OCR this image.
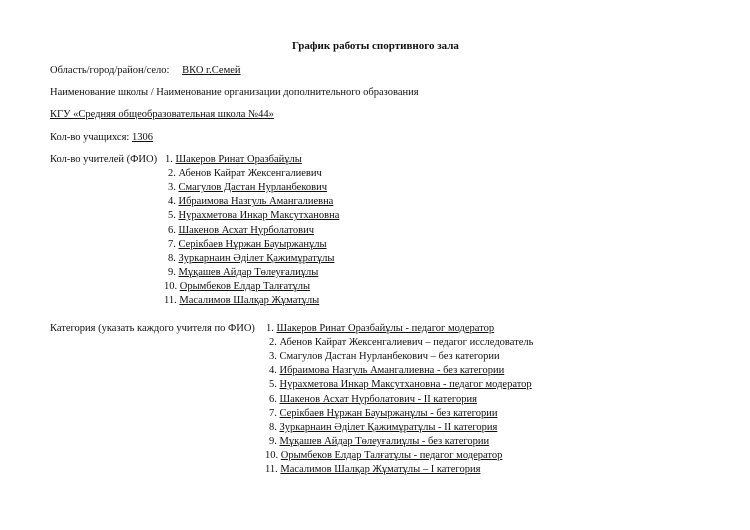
График работы спортивного зала
Область/город/район/село: ВКО г.Семей
Наименование школы / Наименование организации дополнительного образования
КГУ «Средняя общеобразовательная школа №44»
Кол-во учащихся: 1306
Кол-во учителей (ФИО) 1. Шакеров Ринат Оразбайұлы
2. Абенов Кайрат Жексенгалиевич
3. Смагулов Дастан Нурланбекович
4. Ибраимова Назгуль Амангалиевна
5. Нурахметова Инкар Максутхановна
6. Шакенов Асхат Нурболатович
7. Серікбаев Нұржан Бауыржанұлы
8. Зуркарнаин Әділет Қажимұратұлы
9. Мұқашев Айдар Төлеуғалиұлы
10. Орымбеков Елдар Талғатұлы
11. Масалимов Шалқар Жұматұлы
Категория (указать каждого учителя по ФИО) 1. Шакеров Ринат Оразбайұлы - педагог модератор
2. Абенов Кайрат Жексенгалиевич – педагог исследователь
3. Смагулов Дастан Нурланбекович – без категории
4. Ибраимова Назгуль Амангалиевна - без категории
5. Нурахметова Инкар Максутхановна - педагог модератор
6. Шакенов Асхат Нурболатович - II категория
7. Серікбаев Нұржан Бауыржанұлы - без категории
8. Зуркарнаин Әділет Қажимұратұлы - II категория
9. Мұқашев Айдар Төлеуғалиұлы - без категории
10. Орымбеков Елдар Талғатұлы - педагог модератор
11. Масалимов Шалқар Жұматұлы – I категория
